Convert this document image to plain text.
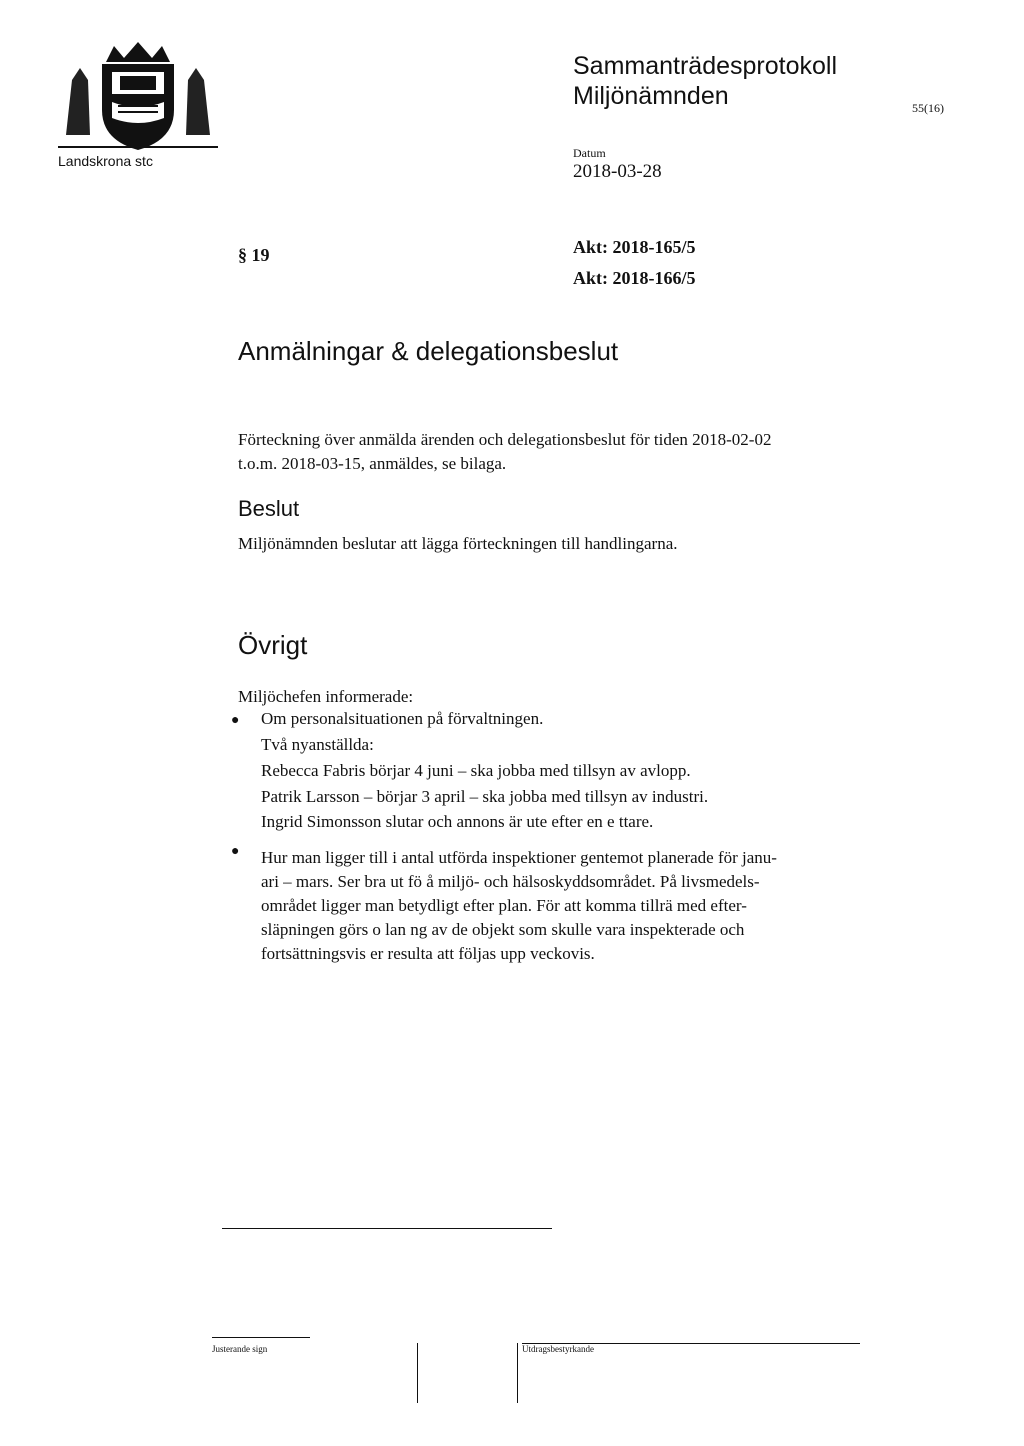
Landskrona stc
Sammanträdesprotokoll
Miljönämnden	55(16)
Datum
2018-03-28
§ 19	Akt: 2018-165/5
Akt: 2018-166/5
Anmälningar & delegationsbeslut
Förteckning över anmälda ärenden och delegationsbeslut för tiden 2018-02-02
t.o.m. 2018-03-15, anmäldes, se bilaga.
Beslut
Miljönämnden beslutar att lägga förteckningen till handlingarna.
Övrigt
Miljöchefen informerade:
● Om personalsituationen på förvaltningen.
Två nyanställda:
Rebecca Fabris börjar 4 juni – ska jobba med tillsyn av avlopp.
Patrik Larsson – börjar 3 april – ska jobba med tillsyn av industri.
Ingrid Simonsson slutar och annons är ute efter en e ttare.
● Hur man ligger till i antal utförda inspektioner gentemot planerade för janu-
ari – mars. Ser bra ut fö å miljö- och hälsoskyddsområdet. På livsmedels-
området ligger man betydligt efter plan. För att komma tillrä med efter-
släpningen görs o lan ng av de objekt som skulle vara inspekterade och
fortsättningsvis er resulta att följas upp veckovis.
Justerande sign	Utdragsbestyrkande
